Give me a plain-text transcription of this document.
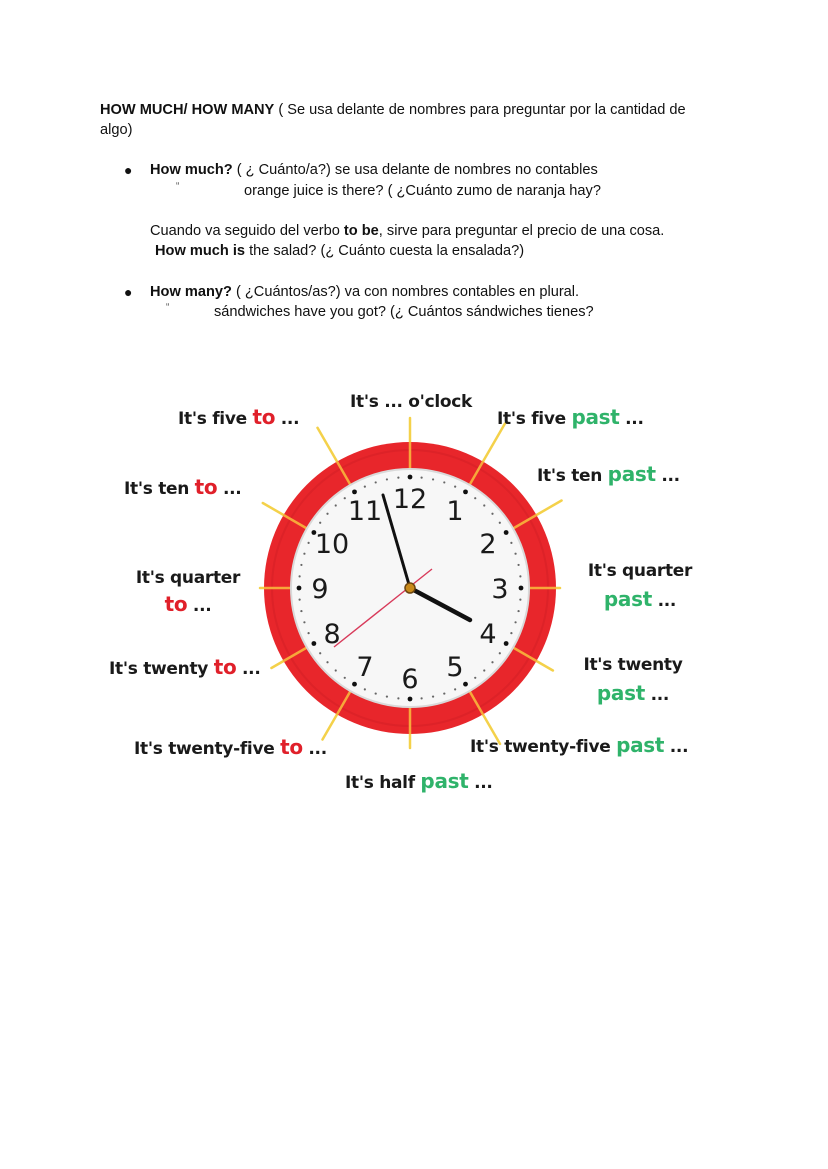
HOW MUCH/ HOW MANY ( Se usa delante de nombres para preguntar por la cantidad de
algo)
● How much? ( ¿ Cuánto/a?) se usa delante de nombres no contables
“	orange juice is there? ( ¿Cuánto zumo de naranja hay?
Cuando va seguido del verbo to be, sirve para preguntar el precio de una cosa.
How much is the salad? (¿ Cuánto cuesta la ensalada?)
● How many? ( ¿Cuántos/as?) va con nombres contables en plural.
“	sándwiches have you got? (¿ Cuántos sándwiches tienes?
12 1
2
3
4
5
6
7
8
9
10
11
It's ... o'clock
It's five to ...	It's five past ...
It's ten past ...
It's ten to ...
It's quarter
to ...
It's quarter
past ...
It's twenty to ...	It's twenty
past ...
It's twenty-five to ...	It's twenty-five past ...
It's half past ...
